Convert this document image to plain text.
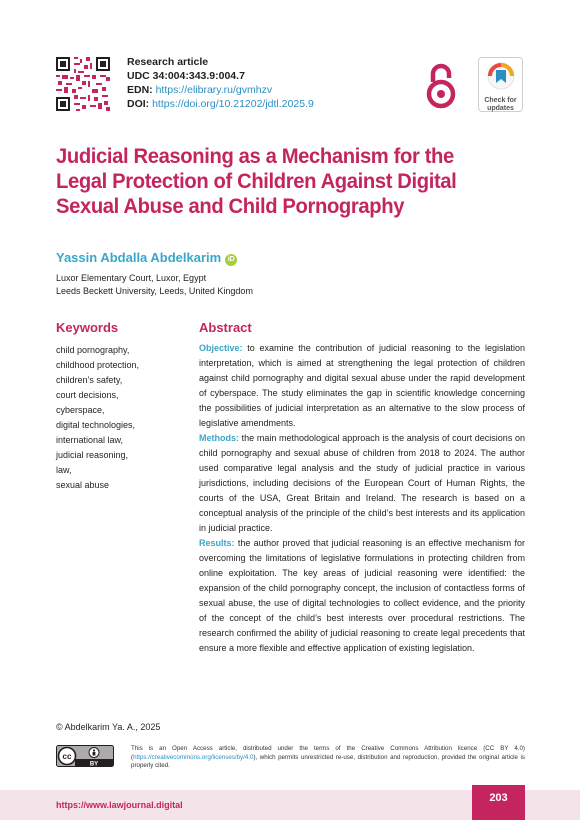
Research article
UDC 34:004:343.9:004.7
EDN: https://elibrary.ru/gvmhzv
DOI: https://doi.org/10.21202/jdtl.2025.9	Check for
updates
Judicial Reasoning as a Mechanism for the Legal Protection of Children Against Digital Sexual Abuse and Child Pornography
Yassin Abdalla Abdelkarim iD
Luxor Elementary Court, Luxor, Egypt
Leeds Beckett University, Leeds, United Kingdom
Keywords	Abstract
child pornography,
childhood protection,
children’s safety,
court decisions,
cyberspace,
digital technologies,
international law,
judicial reasoning,
law,
sexual abuse

Objective: to examine the contribution of judicial reasoning to the legislation interpretation, which is aimed at strengthening the legal protection of children against child pornography and digital sexual abuse under the rapid development of cyberspace. The study eliminates the gap in scientific knowledge concerning the possibilities of judicial interpretation as an alternative to the slow process of legislative amendments.

Methods: the main methodological approach is the analysis of court decisions on child pornography and sexual abuse of children from 2018 to 2024. The author used comparative legal analysis and the study of judicial practice in various jurisdictions, including decisions of the European Court of Human Rights, the courts of the USA, Great Britain and Ireland. The research is based on a conceptual analysis of the principle of the child’s best interests and its application in judicial practice.

Results: the author proved that judicial reasoning is an effective mechanism for overcoming the limitations of legislative formulations in protecting children from online exploitation. The key areas of judicial reasoning were identified: the expansion of the child pornography concept, the inclusion of contactless forms of sexual abuse, the use of digital technologies to collect evidence, and the priority of the concept of the child’s best interests over procedural restrictions. The research confirmed the ability of judicial reasoning to create legal precedents that ensure a more flexible and effective application of existing legislation.

© Abdelkarim Ya. A., 2025
cc
BY
This is an Open Access article, distributed under the terms of the Creative Commons Attribution licence (CC BY 4.0) (https://creativecommons.org/licenses/by/4.0), which permits unrestricted re-use, distribution and reproduction, provided the original article is properly cited.
https://www.lawjournal.digital
203
